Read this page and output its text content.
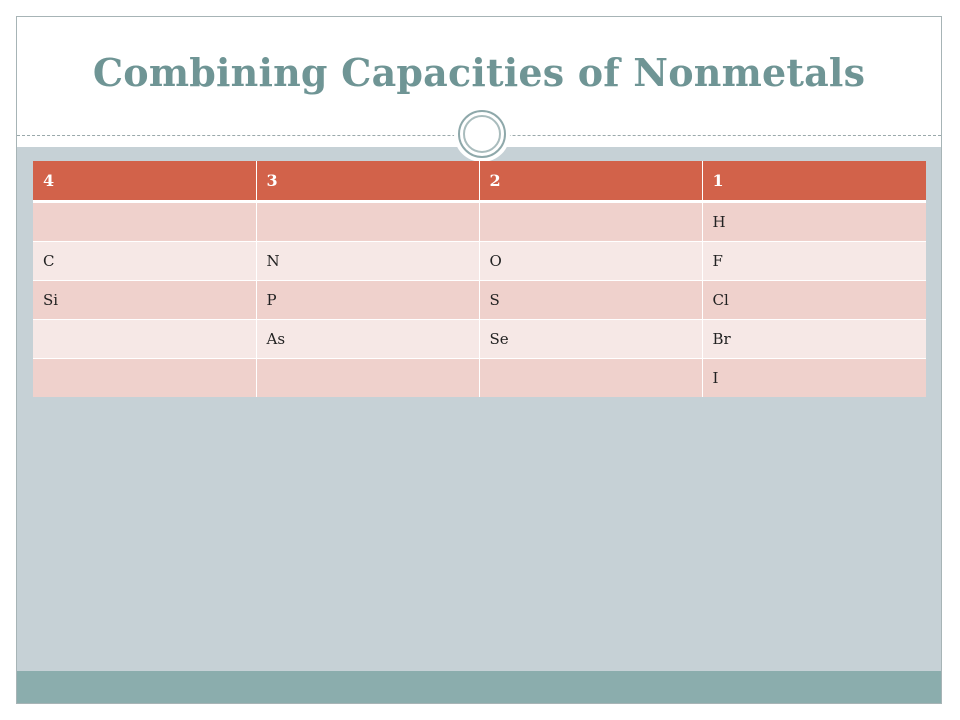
Combining Capacities of Nonmetals
4	3	2	1
			H
C	N	O	F
Si	P	S	Cl
	As	Se	Br
			I
